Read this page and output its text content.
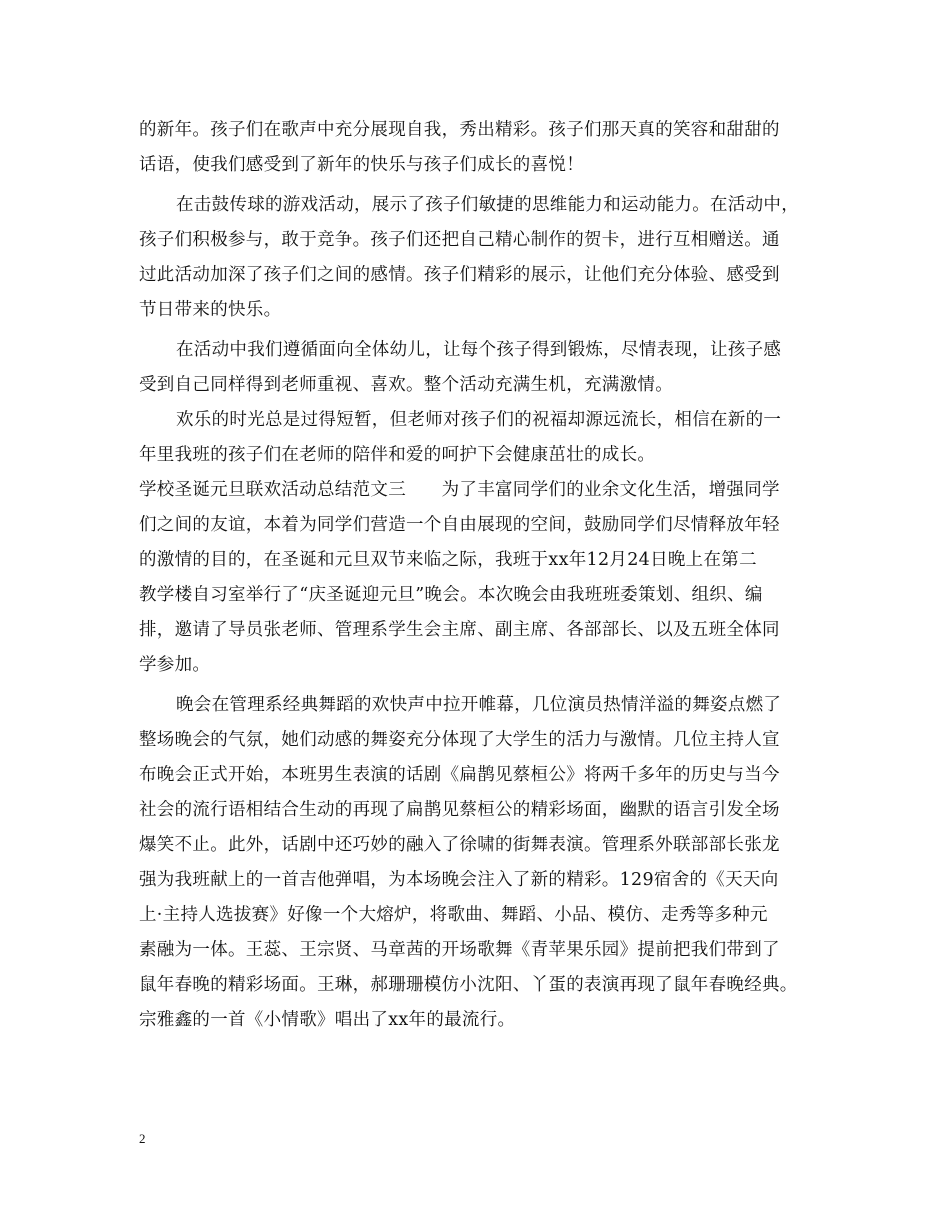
的新年。孩子们在歌声中充分展现自我，秀出精彩。孩子们那天真的笑容和甜甜的
话语，使我们感受到了新年的快乐与孩子们成长的喜悦！
在击鼓传球的游戏活动，展示了孩子们敏捷的思维能力和运动能力。在活动中，
孩子们积极参与，敢于竞争。孩子们还把自己精心制作的贺卡，进行互相赠送。通
过此活动加深了孩子们之间的感情。孩子们精彩的展示，让他们充分体验、感受到
节日带来的快乐。
在活动中我们遵循面向全体幼儿，让每个孩子得到锻炼，尽情表现，让孩子感
受到自己同样得到老师重视、喜欢。整个活动充满生机，充满激情。
欢乐的时光总是过得短暂，但老师对孩子们的祝福却源远流长，相信在新的一
年里我班的孩子们在老师的陪伴和爱的呵护下会健康茁壮的成长。
学校圣诞元旦联欢活动总结范文三　　为了丰富同学们的业余文化生活，增强同学
们之间的友谊，本着为同学们营造一个自由展现的空间，鼓励同学们尽情释放年轻
的激情的目的，在圣诞和元旦双节来临之际，我班于xx年12月24日晚上在第二
教学楼自习室举行了“庆圣诞迎元旦”晚会。本次晚会由我班班委策划、组织、编
排，邀请了导员张老师、管理系学生会主席、副主席、各部部长、以及五班全体同
学参加。
晚会在管理系经典舞蹈的欢快声中拉开帷幕，几位演员热情洋溢的舞姿点燃了
整场晚会的气氛，她们动感的舞姿充分体现了大学生的活力与激情。几位主持人宣
布晚会正式开始，本班男生表演的话剧《扁鹊见蔡桓公》将两千多年的历史与当今
社会的流行语相结合生动的再现了扁鹊见蔡桓公的精彩场面，幽默的语言引发全场
爆笑不止。此外，话剧中还巧妙的融入了徐啸的街舞表演。管理系外联部部长张龙
强为我班献上的一首吉他弹唱，为本场晚会注入了新的精彩。129宿舍的《天天向
上·主持人选拔赛》好像一个大熔炉，将歌曲、舞蹈、小品、模仿、走秀等多种元
素融为一体。王蕊、王宗贤、马章茜的开场歌舞《青苹果乐园》提前把我们带到了
鼠年春晚的精彩场面。王琳，郝珊珊模仿小沈阳、丫蛋的表演再现了鼠年春晚经典。
宗雅鑫的一首《小情歌》唱出了xx年的最流行。
2
